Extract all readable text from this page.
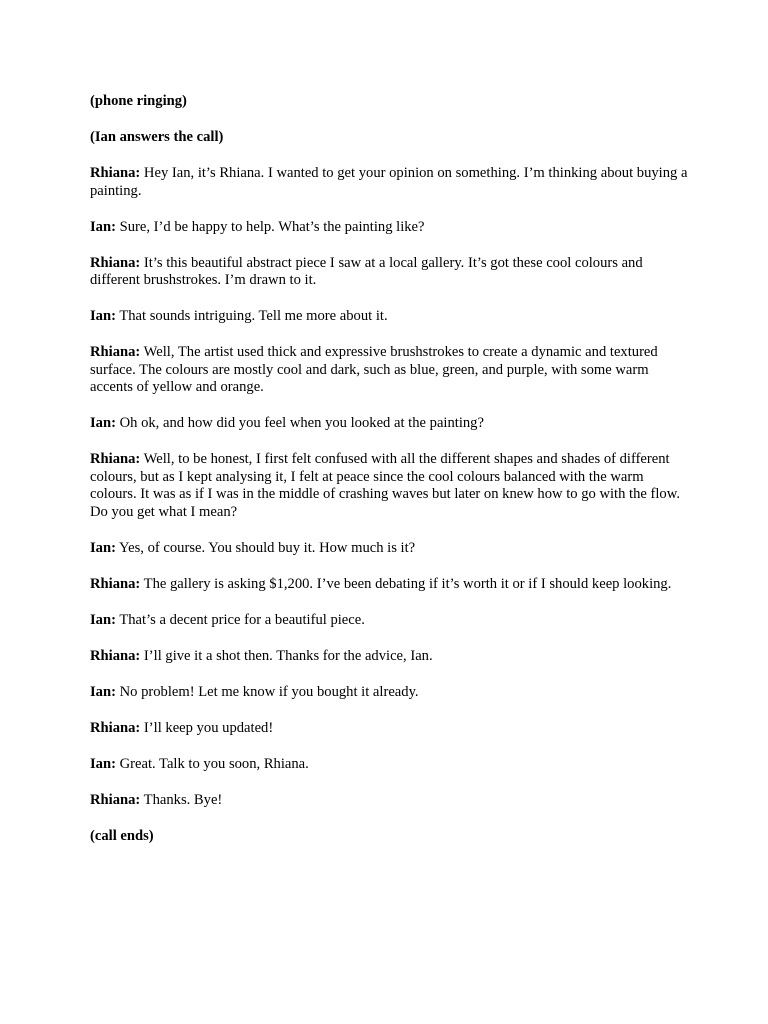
(phone ringing)

(Ian answers the call)

Rhiana: Hey Ian, it’s Rhiana. I wanted to get your opinion on something. I’m thinking about buying a painting.

Ian: Sure, I’d be happy to help. What’s the painting like?

Rhiana: It’s this beautiful abstract piece I saw at a local gallery. It’s got these cool colours and different brushstrokes. I’m drawn to it.

Ian: That sounds intriguing. Tell me more about it.

Rhiana: Well, The artist used thick and expressive brushstrokes to create a dynamic and textured surface. The colours are mostly cool and dark, such as blue, green, and purple, with some warm accents of yellow and orange.

Ian: Oh ok, and how did you feel when you looked at the painting?

Rhiana: Well, to be honest, I first felt confused with all the different shapes and shades of different colours, but as I kept analysing it, I felt at peace since the cool colours balanced with the warm colours. It was as if I was in the middle of crashing waves but later on knew how to go with the flow. Do you get what I mean?

Ian: Yes, of course. You should buy it. How much is it?

Rhiana: The gallery is asking $1,200. I’ve been debating if it’s worth it or if I should keep looking.

Ian: That’s a decent price for a beautiful piece.

Rhiana: I’ll give it a shot then. Thanks for the advice, Ian.

Ian: No problem! Let me know if you bought it already.

Rhiana: I’ll keep you updated!

Ian: Great. Talk to you soon, Rhiana.

Rhiana: Thanks. Bye!

(call ends)
